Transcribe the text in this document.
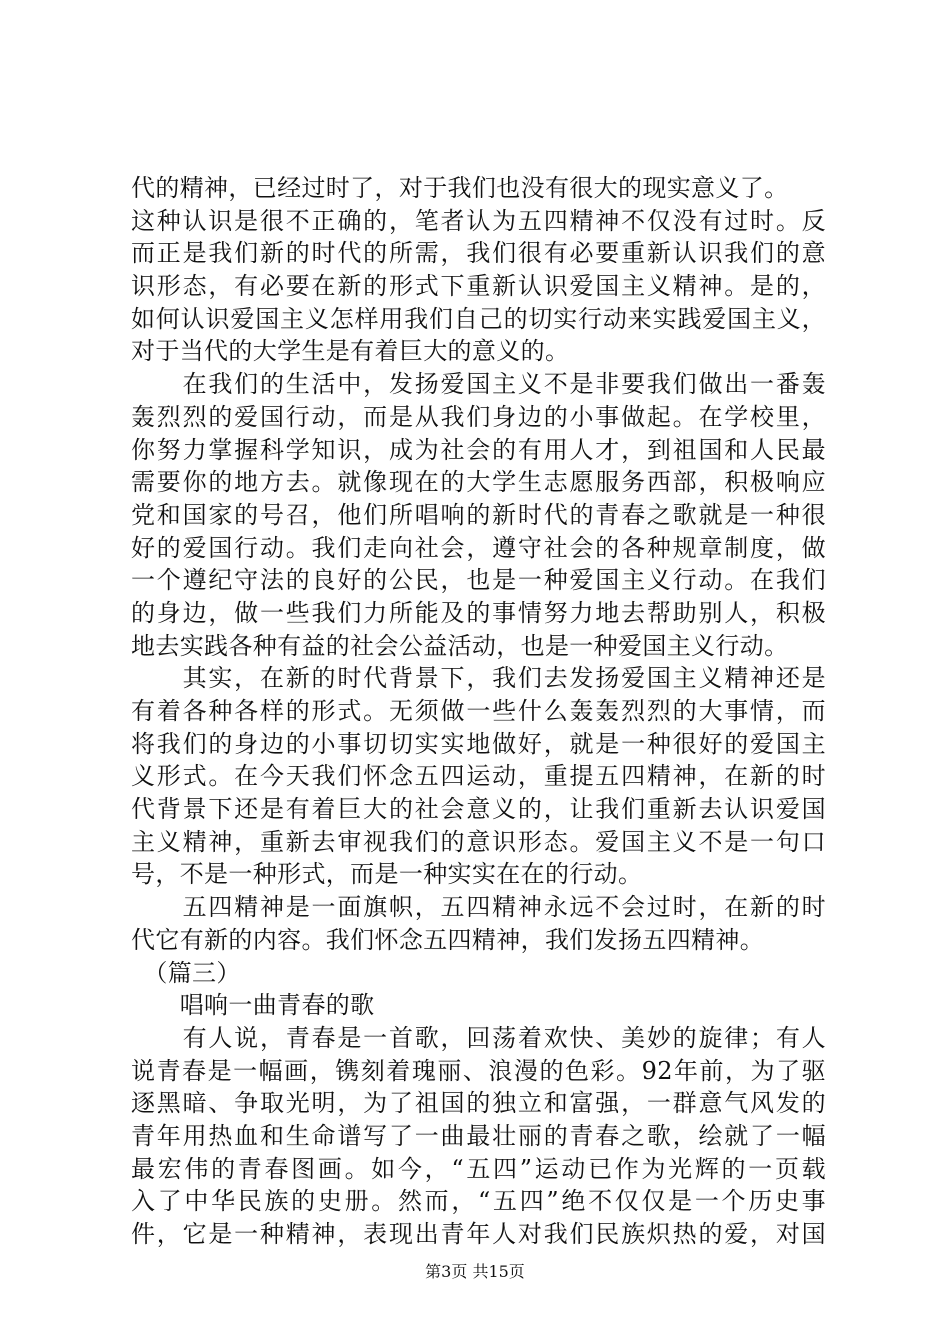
代的精神，已经过时了，对于我们也没有很大的现实意义了。
这种认识是很不正确的，笔者认为五四精神不仅没有过时。反
而正是我们新的时代的所需，我们很有必要重新认识我们的意
识形态，有必要在新的形式下重新认识爱国主义精神。是的，
如何认识爱国主义怎样用我们自己的切实行动来实践爱国主义，
对于当代的大学生是有着巨大的意义的。
　　在我们的生活中，发扬爱国主义不是非要我们做出一番轰
轰烈烈的爱国行动，而是从我们身边的小事做起。在学校里，
你努力掌握科学知识，成为社会的有用人才，到祖国和人民最
需要你的地方去。就像现在的大学生志愿服务西部，积极响应
党和国家的号召，他们所唱响的新时代的青春之歌就是一种很
好的爱国行动。我们走向社会，遵守社会的各种规章制度，做
一个遵纪守法的良好的公民，也是一种爱国主义行动。在我们
的身边，做一些我们力所能及的事情努力地去帮助别人，积极
地去实践各种有益的社会公益活动，也是一种爱国主义行动。
　　其实，在新的时代背景下，我们去发扬爱国主义精神还是
有着各种各样的形式。无须做一些什么轰轰烈烈的大事情，而
将我们的身边的小事切切实实地做好，就是一种很好的爱国主
义形式。在今天我们怀念五四运动，重提五四精神，在新的时
代背景下还是有着巨大的社会意义的，让我们重新去认识爱国
主义精神，重新去审视我们的意识形态。爱国主义不是一句口
号，不是一种形式，而是一种实实在在的行动。
　　五四精神是一面旗帜，五四精神永远不会过时，在新的时
代它有新的内容。我们怀念五四精神，我们发扬五四精神。
　（篇三）
　　唱响一曲青春的歌
　　有人说，青春是一首歌，回荡着欢快、美妙的旋律；有人
说青春是一幅画，镌刻着瑰丽、浪漫的色彩。92年前，为了驱
逐黑暗、争取光明，为了祖国的独立和富强，一群意气风发的
青年用热血和生命谱写了一曲最壮丽的青春之歌，绘就了一幅
最宏伟的青春图画。如今，“五四”运动已作为光辉的一页载
入了中华民族的史册。然而，“五四”绝不仅仅是一个历史事
件，它是一种精神，表现出青年人对我们民族炽热的爱，对国
第3页 共15页
